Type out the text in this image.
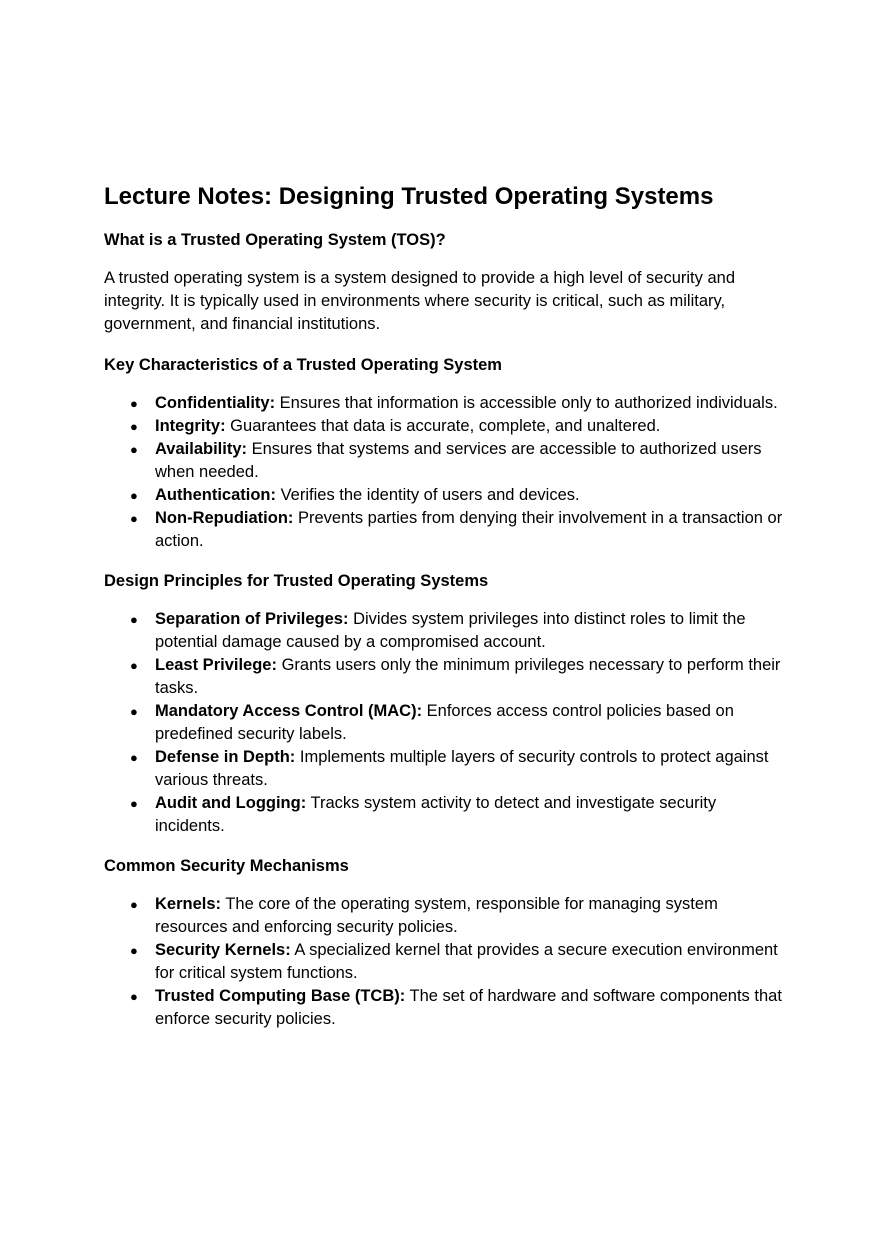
Lecture Notes: Designing Trusted Operating Systems
What is a Trusted Operating System (TOS)?

A trusted operating system is a system designed to provide a high level of security and integrity. It is typically used in environments where security is critical, such as military, government, and financial institutions.

Key Characteristics of a Trusted Operating System
● Confidentiality: Ensures that information is accessible only to authorized individuals.
● Integrity: Guarantees that data is accurate, complete, and unaltered.
● Availability: Ensures that systems and services are accessible to authorized users when needed.
● Authentication: Verifies the identity of users and devices.
● Non-Repudiation: Prevents parties from denying their involvement in a transaction or action.
Design Principles for Trusted Operating Systems
● Separation of Privileges: Divides system privileges into distinct roles to limit the potential damage caused by a compromised account.
● Least Privilege: Grants users only the minimum privileges necessary to perform their tasks.
● Mandatory Access Control (MAC): Enforces access control policies based on predefined security labels.
● Defense in Depth: Implements multiple layers of security controls to protect against various threats.
● Audit and Logging: Tracks system activity to detect and investigate security incidents.
Common Security Mechanisms
● Kernels: The core of the operating system, responsible for managing system resources and enforcing security policies.
● Security Kernels: A specialized kernel that provides a secure execution environment for critical system functions.
● Trusted Computing Base (TCB): The set of hardware and software components that enforce security policies.
